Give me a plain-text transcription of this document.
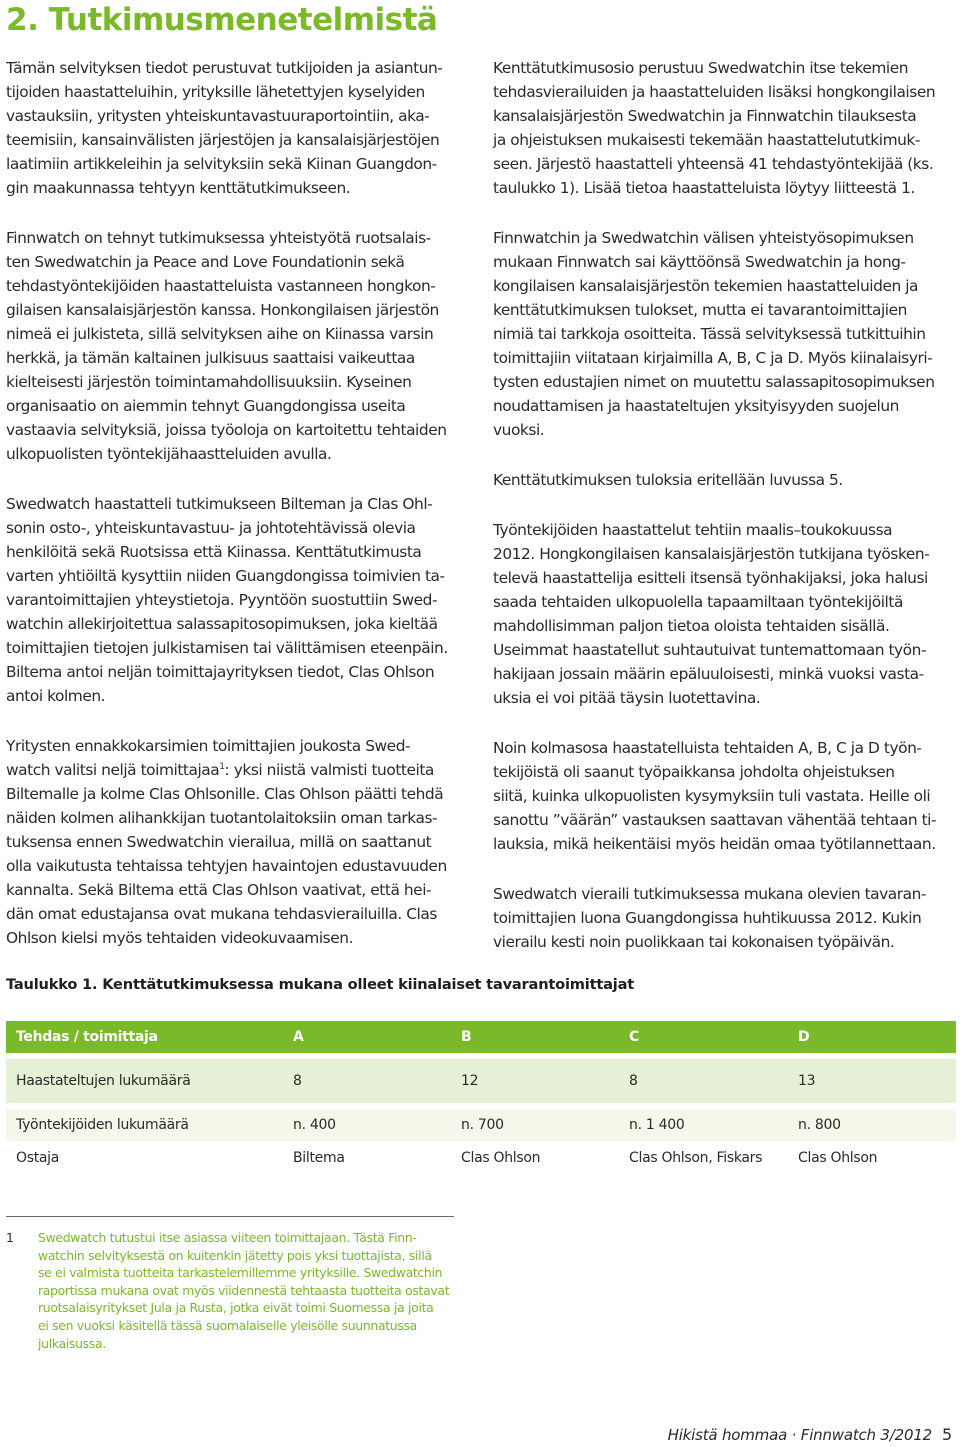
2. Tutkimusmenetelmistä

Tämän selvityksen tiedot perustuvat tutkijoiden ja asiantun-
tijoiden haastatteluihin, yrityksille lähetettyjen kyselyiden
vastauksiin, yritysten yhteiskuntavastuuraportointiin, aka-
teemisiin, kansainvälisten järjestöjen ja kansalaisjärjestöjen
laatimiin artikkeleihin ja selvityksiin sekä Kiinan Guangdon-
gin maakunnassa tehtyyn kenttätutkimukseen.

Finnwatch on tehnyt tutkimuksessa yhteistyötä ruotsalais-
ten Swedwatchin ja Peace and Love Foundationin sekä
tehdastyöntekijöiden haastatteluista vastanneen hongkon-
gilaisen kansalaisjärjestön kanssa. Honkongilaisen järjestön
nimeä ei julkisteta, sillä selvityksen aihe on Kiinassa varsin
herkkä, ja tämän kaltainen julkisuus saattaisi vaikeuttaa
kielteisesti järjestön toimintamahdollisuuksiin. Kyseinen
organisaatio on aiemmin tehnyt Guangdongissa useita
vastaavia selvityksiä, joissa työoloja on kartoitettu tehtaiden
ulkopuolisten työntekijähaastteluiden avulla.

Swedwatch haastatteli tutkimukseen Bilteman ja Clas Ohl-
sonin osto-, yhteiskuntavastuu- ja johtotehtävissä olevia
henkilöitä sekä Ruotsissa että Kiinassa. Kenttätutkimusta
varten yhtiöiltä kysyttiin niiden Guangdongissa toimivien ta-
varantoimittajien yhteystietoja. Pyyntöön suostuttiin Swed-
watchin allekirjoitettua salassapitosopimuksen, joka kieltää
toimittajien tietojen julkistamisen tai välittämisen eteenpäin.
Biltema antoi neljän toimittajayrityksen tiedot, Clas Ohlson
antoi kolmen.

Yritysten ennakkokarsimien toimittajien joukosta Swed-
watch valitsi neljä toimittajaa$^1$: yksi niistä valmisti tuotteita
Biltemalle ja kolme Clas Ohlsonille. Clas Ohlson päätti tehdä
näiden kolmen alihankkijan tuotantolaitoksiin oman tarkas-
tuksensa ennen Swedwatchin vierailua, millä on saattanut
olla vaikutusta tehtaissa tehtyjen havaintojen edustavuuden
kannalta. Sekä Biltema että Clas Ohlson vaativat, että hei-
dän omat edustajansa ovat mukana tehdasvierailuilla. Clas
Ohlson kielsi myös tehtaiden videokuvaamisen.

Kenttätutkimusosio perustuu Swedwatchin itse tekemien
tehdasvierailuiden ja haastatteluiden lisäksi hongkongilaisen
kansalaisjärjestön Swedwatchin ja Finnwatchin tilauksesta
ja ohjeistuksen mukaisesti tekemään haastattelututkimuk-
seen. Järjestö haastatteli yhteensä 41 tehdastyöntekijää (ks.
taulukko 1). Lisää tietoa haastatteluista löytyy liitteestä 1.

Finnwatchin ja Swedwatchin välisen yhteistyösopimuksen
mukaan Finnwatch sai käyttöönsä Swedwatchin ja hong-
kongilaisen kansalaisjärjestön tekemien haastatteluiden ja
kenttätutkimuksen tulokset, mutta ei tavarantoimittajien
nimiä tai tarkkoja osoitteita. Tässä selvityksessä tutkittuihin
toimittajiin viitataan kirjaimilla A, B, C ja D. Myös kiinalaisyri-
tysten edustajien nimet on muutettu salassapitosopimuksen
noudattamisen ja haastateltujen yksityisyyden suojelun
vuoksi.

Kenttätutkimuksen tuloksia eritellään luvussa 5.

Työntekijöiden haastattelut tehtiin maalis–toukokuussa
2012. Hongkongilaisen kansalaisjärjestön tutkijana työsken-
televä haastattelija esitteli itsensä työnhakijaksi, joka halusi
saada tehtaiden ulkopuolella tapaamiltaan työntekijöiltä
mahdollisimman paljon tietoa oloista tehtaiden sisällä.
Useimmat haastatellut suhtautuivat tuntemattomaan työn-
hakijaan jossain määrin epäluuloisesti, minkä vuoksi vasta-
uksia ei voi pitää täysin luotettavina.

Noin kolmasosa haastatelluista tehtaiden A, B, C ja D työn-
tekijöistä oli saanut työpaikkansa johdolta ohjeistuksen
siitä, kuinka ulkopuolisten kysymyksiin tuli vastata. Heille oli
sanottu ”väärän” vastauksen saattavan vähentää tehtaan ti-
lauksia, mikä heikentäisi myös heidän omaa työtilannettaan.

Swedwatch vieraili tutkimuksessa mukana olevien tavaran-
toimittajien luona Guangdongissa huhtikuussa 2012. Kukin
vierailu kesti noin puolikkaan tai kokonaisen työpäivän.

Taulukko 1. Kenttätutkimuksessa mukana olleet kiinalaiset tavarantoimittajat
Tehdas / toimittaja	A	B	C	D
Haastateltujen lukumäärä	8	12	8	13
Työntekijöiden lukumäärä	n. 400	n. 700	n. 1 400	n. 800
Ostaja	Biltema	Clas Ohlson	Clas Ohlson, Fiskars	Clas Ohlson
1	Swedwatch tutustui itse asiassa viiteen toimittajaan. Tästä Finn-
watchin selvityksestä on kuitenkin jätetty pois yksi tuottajista, sillä
se ei valmista tuotteita tarkastelemillemme yrityksille. Swedwatchin
raportissa mukana ovat myös viidennestä tehtaasta tuotteita ostavat
ruotsalaisyritykset Jula ja Rusta, jotka eivät toimi Suomessa ja joita
ei sen vuoksi käsitellä tässä suomalaiselle yleisölle suunnatussa
julkaisussa.
Hikistä hommaa · Finnwatch 3/2012 5
